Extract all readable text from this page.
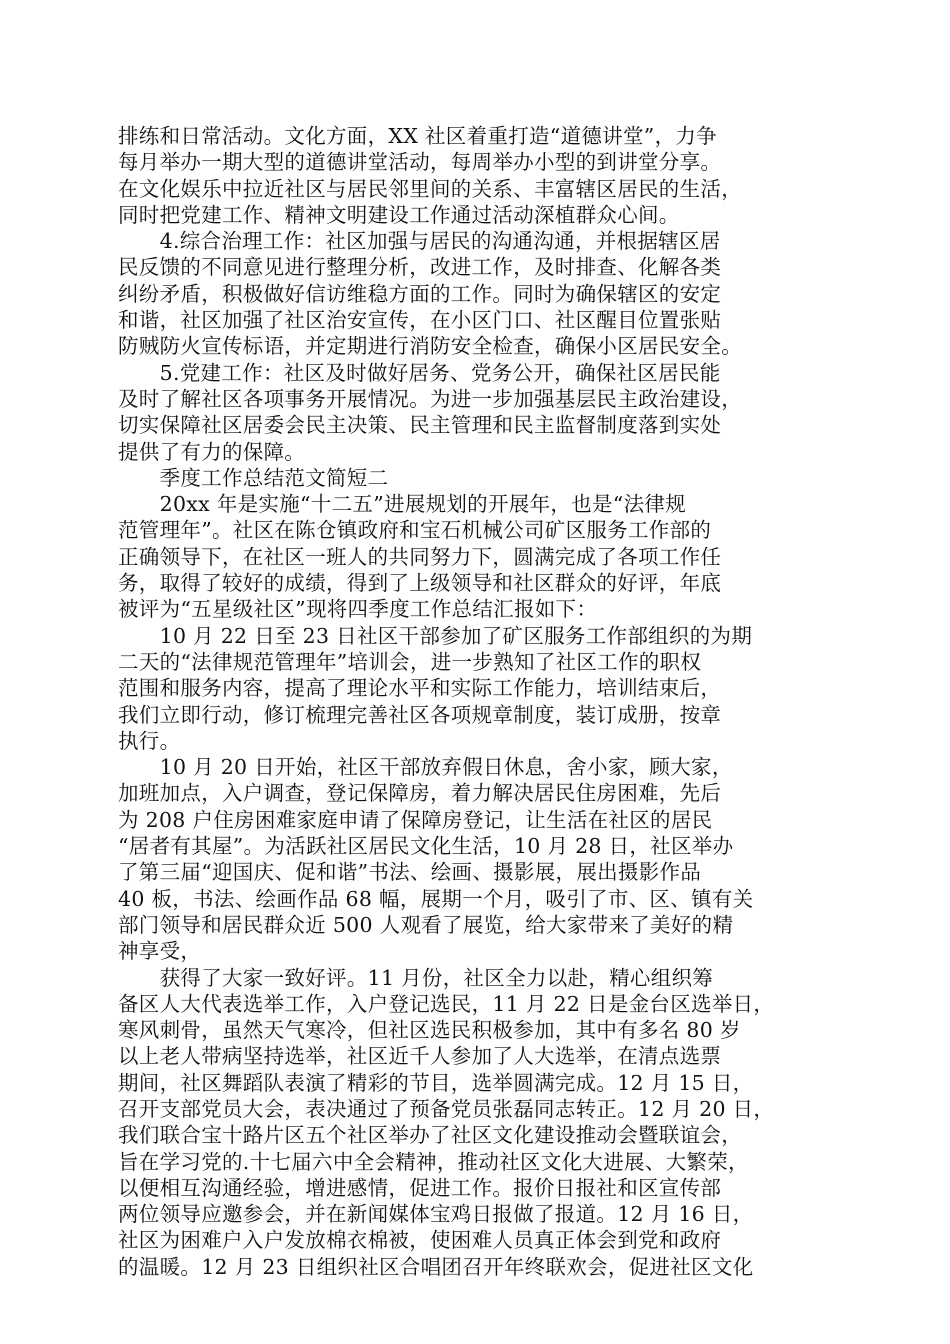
排练和日常活动。文化方面，XX 社区着重打造“道德讲堂”，力争
每月举办一期大型的道德讲堂活动，每周举办小型的到讲堂分享。
在文化娱乐中拉近社区与居民邻里间的关系、丰富辖区居民的生活，
同时把党建工作、精神文明建设工作通过活动深植群众心间。
　　4.综合治理工作：社区加强与居民的沟通沟通，并根据辖区居
民反馈的不同意见进行整理分析，改进工作，及时排查、化解各类
纠纷矛盾，积极做好信访维稳方面的工作。同时为确保辖区的安定
和谐，社区加强了社区治安宣传，在小区门口、社区醒目位置张贴
防贼防火宣传标语，并定期进行消防安全检查，确保小区居民安全。
　　5.党建工作：社区及时做好居务、党务公开，确保社区居民能
及时了解社区各项事务开展情况。为进一步加强基层民主政治建设，
切实保障社区居委会民主决策、民主管理和民主监督制度落到实处
提供了有力的保障。
　　季度工作总结范文简短二
　　20xx 年是实施“十二五”进展规划的开展年，也是“法律规
范管理年”。社区在陈仓镇政府和宝石机械公司矿区服务工作部的
正确领导下，在社区一班人的共同努力下，圆满完成了各项工作任
务，取得了较好的成绩，得到了上级领导和社区群众的好评，年底
被评为“五星级社区”现将四季度工作总结汇报如下：
　　10 月 22 日至 23 日社区干部参加了矿区服务工作部组织的为期
二天的“法律规范管理年”培训会，进一步熟知了社区工作的职权
范围和服务内容，提高了理论水平和实际工作能力，培训结束后，
我们立即行动，修订梳理完善社区各项规章制度，装订成册，按章
执行。
　　10 月 20 日开始，社区干部放弃假日休息，舍小家，顾大家，
加班加点，入户调查，登记保障房，着力解决居民住房困难，先后
为 208 户住房困难家庭申请了保障房登记，让生活在社区的居民
“居者有其屋”。为活跃社区居民文化生活，10 月 28 日，社区举办
了第三届“迎国庆、促和谐”书法、绘画、摄影展，展出摄影作品
40 板，书法、绘画作品 68 幅，展期一个月，吸引了市、区、镇有关
部门领导和居民群众近 500 人观看了展览，给大家带来了美好的精
神享受，
　　获得了大家一致好评。11 月份，社区全力以赴，精心组织筹
备区人大代表选举工作，入户登记选民，11 月 22 日是金台区选举日，
寒风刺骨，虽然天气寒冷，但社区选民积极参加，其中有多名 80 岁
以上老人带病坚持选举，社区近千人参加了人大选举，在清点选票
期间，社区舞蹈队表演了精彩的节目，选举圆满完成。12 月 15 日，
召开支部党员大会，表决通过了预备党员张磊同志转正。12 月 20 日，
我们联合宝十路片区五个社区举办了社区文化建设推动会暨联谊会，
旨在学习党的.十七届六中全会精神，推动社区文化大进展、大繁荣，
以便相互沟通经验，增进感情，促进工作。报价日报社和区宣传部
两位领导应邀参会，并在新闻媒体宝鸡日报做了报道。12 月 16 日，
社区为困难户入户发放棉衣棉被，使困难人员真正体会到党和政府
的温暖。12 月 23 日组织社区合唱团召开年终联欢会，促进社区文化
